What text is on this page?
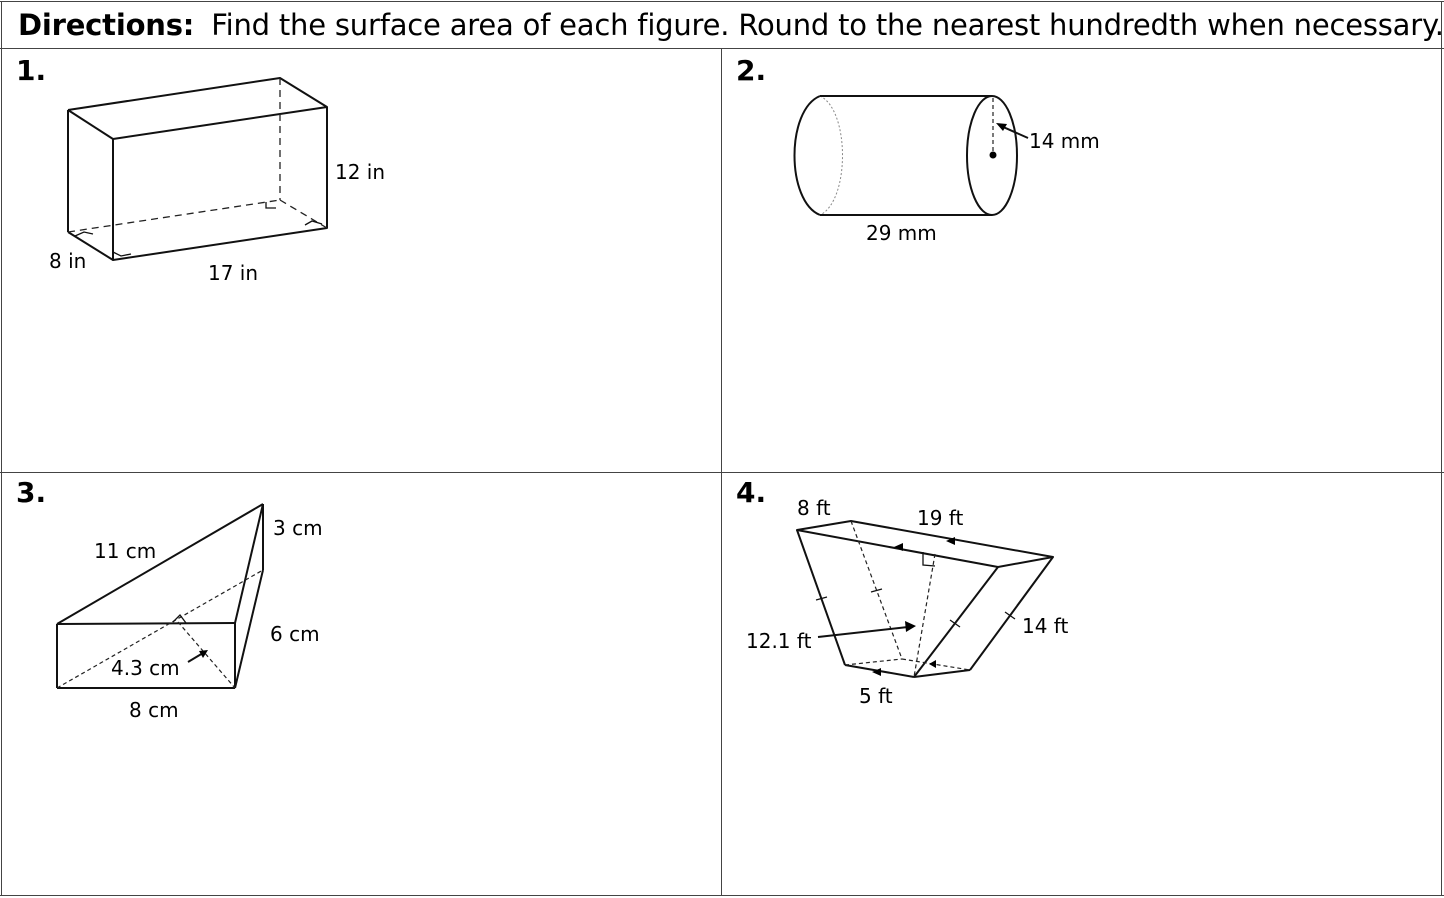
Directions: Find the surface area of each figure. Round to the nearest hundredth when necessary.
1.	2.
3.	4.
12 in
8 in	17 in
14 mm
29 mm
11 cm
3 cm
6 cm
4.3 cm
8 cm
8 ft	19 ft
12.1 ft
14 ft
5 ft
